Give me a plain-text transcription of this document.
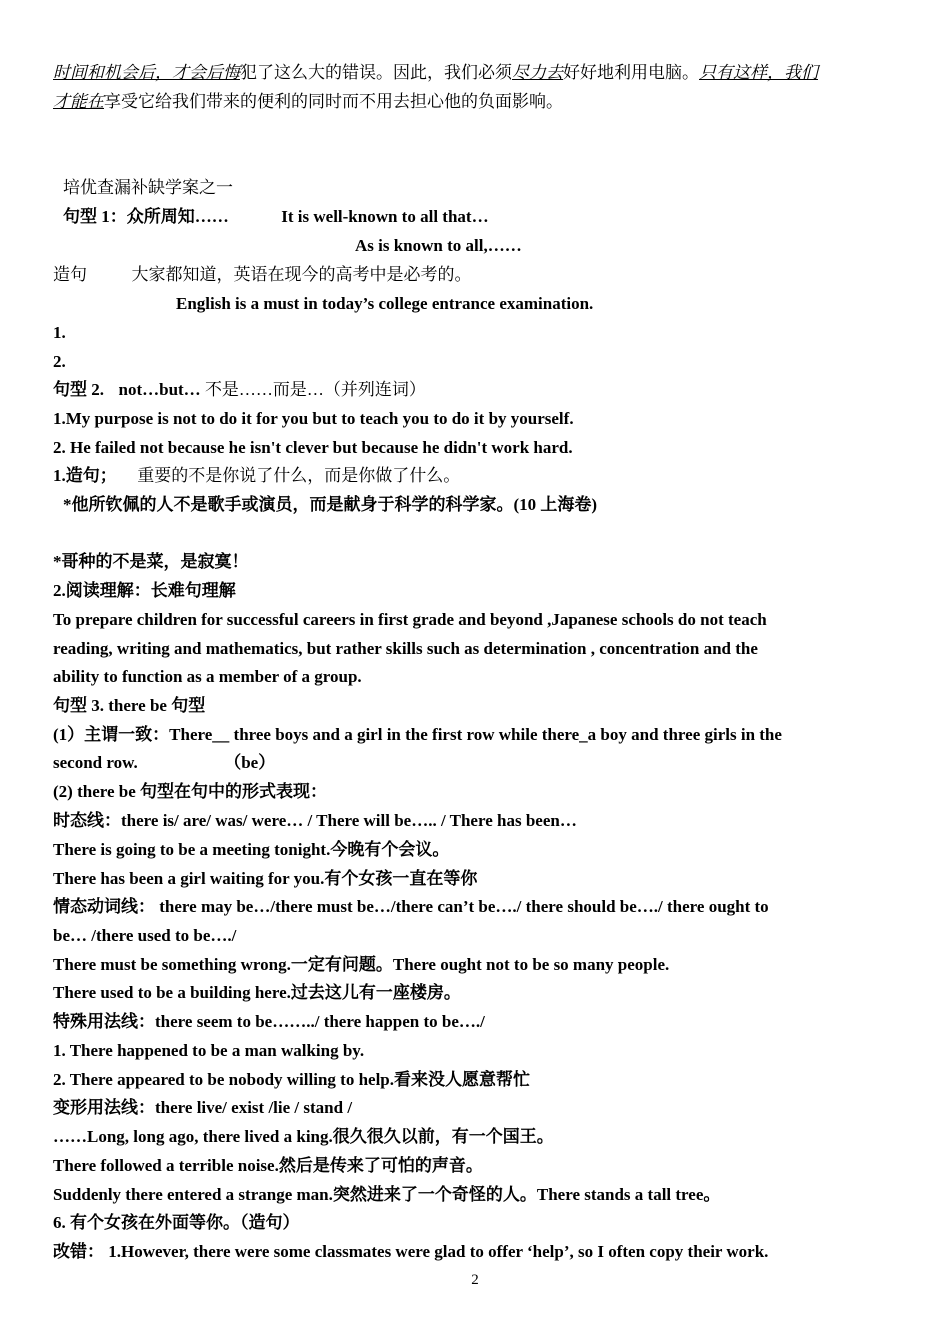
时间和机会后，才会后悔犯了这么大的错误。因此，我们必须尽力去好好地利用电脑。只有这样，我们
才能在享受它给我们带来的便利的同时而不用去担心他的负面影响。
培优查漏补缺学案之一
句型 1：众所周知……	It is well-known to all that…
As is known to all,……
造句	大家都知道，英语在现今的高考中是必考的。
English is a must in today’s college entrance examination.
1.
2.
句型 2. not…but… 不是……而是…（并列连词）
1.My purpose is not to do it for you but to teach you to do it by yourself.
2. He failed not because he isn't clever but because he didn't work hard.
1.造句； 重要的不是你说了什么，而是你做了什么。
*他所钦佩的人不是歌手或演员，而是献身于科学的科学家。(10 上海卷)
*哥种的不是菜，是寂寞！
2.阅读理解：长难句理解
To prepare children for successful careers in first grade and beyond ,Japanese schools do not teach
reading, writing and mathematics, but rather skills such as determination , concentration and the
ability to function as a member of a group.
句型 3. there be 句型
(1）主谓一致：There__ three boys and a girl in the first row while there_a boy and three girls in the
second row.	（be）
(2) there be 句型在句中的形式表现：
时态线：there is/ are/ was/ were… / There will be….. / There has been…
There is going to be a meeting tonight.今晚有个会议。
There has been a girl waiting for you.有个女孩一直在等你
情态动词线： there may be…/there must be…/there can’t be…./ there should be…./ there ought to
be… /there used to be…./
There must be something wrong.一定有问题。There ought not to be so many people.
There used to be a building here.过去这儿有一座楼房。
特殊用法线：there seem to be……../ there happen to be…./
1. There happened to be a man walking by.
2. There appeared to be nobody willing to help.看来没人愿意帮忙
变形用法线：there live/ exist /lie / stand /
……Long, long ago, there lived a king.很久很久以前，有一个国王。
There followed a terrible noise.然后是传来了可怕的声音。
Suddenly there entered a strange man.突然进来了一个奇怪的人。There stands a tall tree。
6. 有个女孩在外面等你。（造句）
改错： 1.However, there were some classmates were glad to offer ‘help’, so I often copy their work.
2
